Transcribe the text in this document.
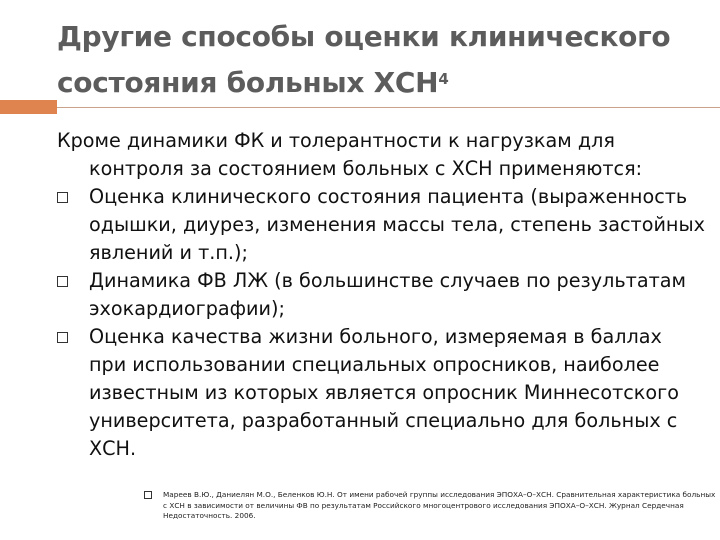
Другие способы оценки клинического состояния больных ХСН$^4$

Кроме динамики ФК и толерантности к нагрузкам для контроля за состоянием больных с ХСН применяются:

Оценка клинического состояния пациента (выраженность одышки, диурез, изменения массы тела, степень застойных явлений и т.п.);
Динамика ФВ ЛЖ (в большинстве случаев по результатам эхокардиографии);
Оценка качества жизни больного, измеряемая в баллах при использовании специальных опросников, наиболее известным из которых является опросник Миннесотского университета, разработанный специально для больных с ХСН.
Мареев В.Ю., Даниелян М.О., Беленков Ю.Н. От имени рабочей группы исследования ЭПОХА–О–ХСН. Сравнительная характеристика больных с ХСН в зависимости от величины ФВ по результатам Российского многоцентрового исследования ЭПОХА–О–ХСН. Журнал Сердечная Недостаточность. 2006.
